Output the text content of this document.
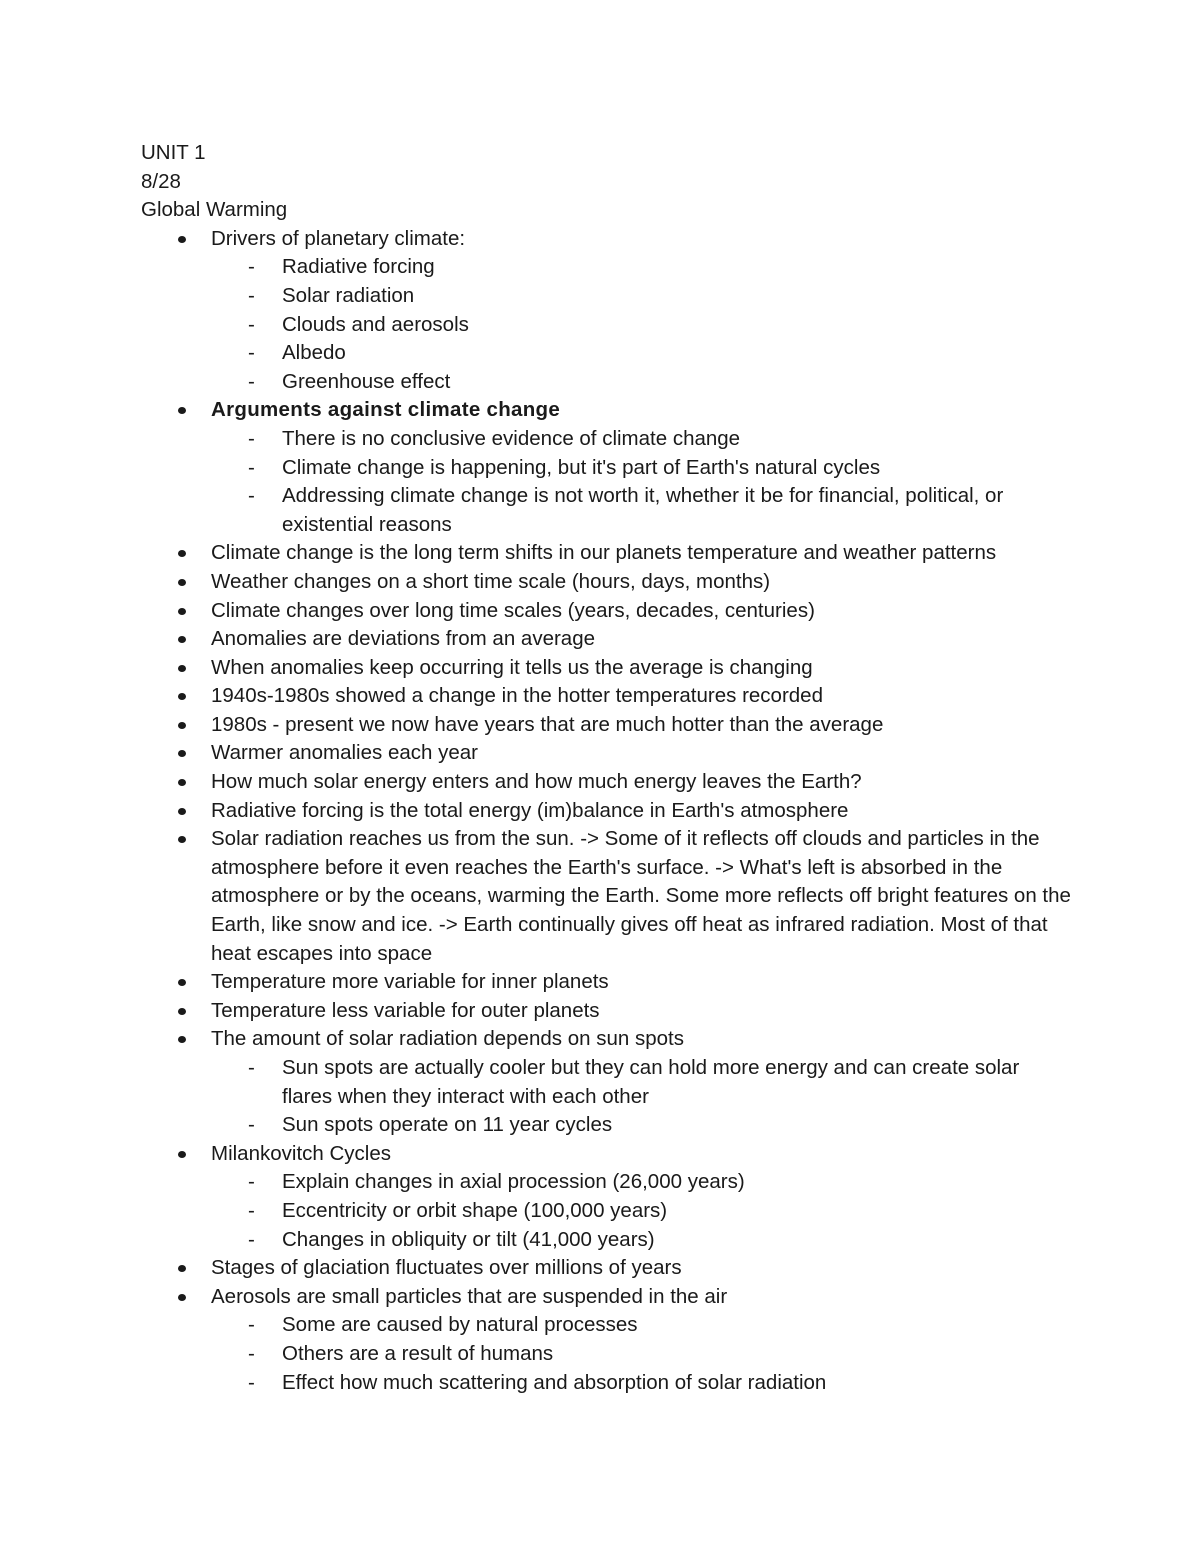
UNIT 1

8/28

Global Warming

Drivers of planetary climate:
-	Radiative forcing
-	Solar radiation
-	Clouds and aerosols
-	Albedo
-	Greenhouse effect
Arguments against climate change
-	There is no conclusive evidence of climate change
-	Climate change is happening, but it's part of Earth's natural cycles
-	Addressing climate change is not worth it, whether it be for financial, political, or existential reasons
Climate change is the long term shifts in our planets temperature and weather patterns
Weather changes on a short time scale (hours, days, months)
Climate changes over long time scales (years, decades, centuries)
Anomalies are deviations from an average
When anomalies keep occurring it tells us the average is changing
1940s-1980s showed a change in the hotter temperatures recorded
1980s - present we now have years that are much hotter than the average
Warmer anomalies each year
How much solar energy enters and how much energy leaves the Earth?
Radiative forcing is the total energy (im)balance in Earth's atmosphere
Solar radiation reaches us from the sun. -> Some of it reflects off clouds and particles in the atmosphere before it even reaches the Earth's surface. -> What's left is absorbed in the atmosphere or by the oceans, warming the Earth. Some more reflects off bright features on the Earth, like snow and ice. -> Earth continually gives off heat as infrared radiation. Most of that heat escapes into space
Temperature more variable for inner planets
Temperature less variable for outer planets
The amount of solar radiation depends on sun spots
-	Sun spots are actually cooler but they can hold more energy and can create solar flares when they interact with each other
-	Sun spots operate on 11 year cycles
Milankovitch Cycles
-	Explain changes in axial procession (26,000 years)
-	Eccentricity or orbit shape (100,000 years)
-	Changes in obliquity or tilt (41,000 years)
Stages of glaciation fluctuates over millions of years
Aerosols are small particles that are suspended in the air
-	Some are caused by natural processes
-	Others are a result of humans
-	Effect how much scattering and absorption of solar radiation
